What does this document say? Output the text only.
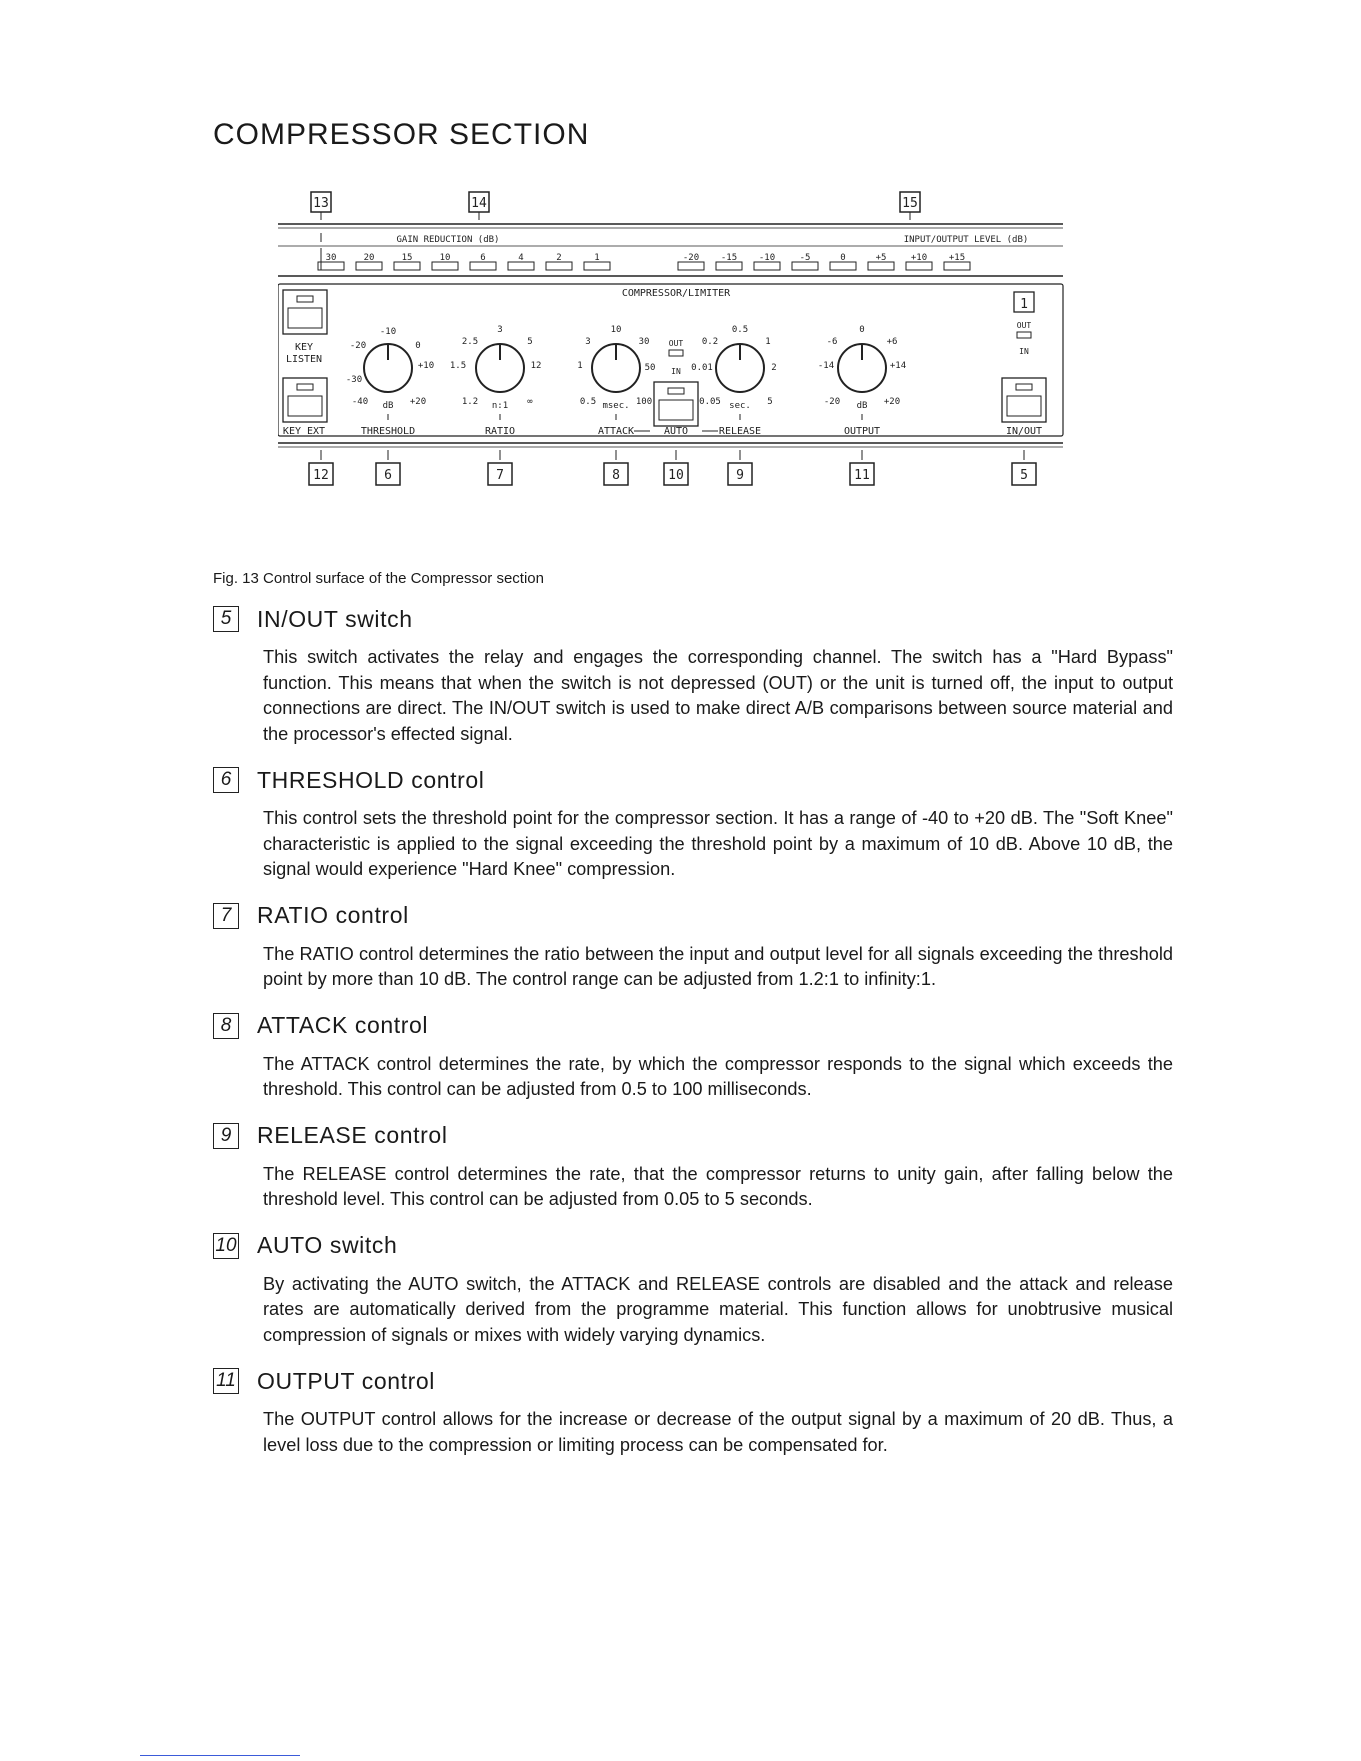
COMPRESSOR SECTION
13	14	15
GAIN REDUCTION (dB)	INPUT/OUTPUT LEVEL (dB)
30	20	15	10	6	4	2	1	-20 -15 -10	-5	0	+5	+10 +15
COMPRESSOR/LIMITER
KEY
LISTEN
KEY EXT
-30
-20
-10
0
+10
-40	+20
dB
THRESHOLD
1.5
2.5
3
5
12
1.2	∞
n:1
RATIO
1
3
10
30
50
0.5	100
msec.
ATTACK
0.01
0.2
0.5
1
2
0.05	5
sec.
RELEASE
-14
-6
0
+6
+14
-20	+20
dB
OUTPUT
OUT
IN
AUTO
1
OUT
IN
IN/OUT
12	6	7	8	10	9	11	5
Fig. 13 Control surface of the Compressor section
5	IN/OUT switch
This switch activates the relay and engages the corresponding channel. The switch has a "Hard Bypass" function. This means that when the switch is not depressed (OUT) or the unit is turned off, the input to output connections are direct. The IN/OUT switch is used to make direct A/B comparisons between source material and the processor's effected signal.
6	THRESHOLD control
This control sets the threshold point for the compressor section. It has a range of -40 to +20 dB. The "Soft Knee" characteristic is applied to the signal exceeding the threshold point by a maximum of 10 dB. Above 10 dB, the signal would experience "Hard Knee" compression.
7	RATIO control
The RATIO control determines the ratio between the input and output level for all signals exceeding the threshold point by more than 10 dB. The control range can be adjusted from 1.2:1 to infinity:1.
8	ATTACK control
The ATTACK control determines the rate, by which the compressor responds to the signal which exceeds the threshold. This control can be adjusted from 0.5 to 100 milliseconds.
9	RELEASE control
The RELEASE control determines the rate, that the compressor returns to unity gain, after falling below the threshold level. This control can be adjusted from 0.05 to 5 seconds.
10 AUTO switch
By activating the AUTO switch, the ATTACK and RELEASE controls are disabled and the attack and release rates are automatically derived from the programme material. This function allows for unobtrusive musical compression of signals or mixes with widely varying dynamics.
11 OUTPUT control
The OUTPUT control allows for the increase or decrease of the output signal by a maximum of 20 dB. Thus, a level loss due to the compression or limiting process can be compensated for.
